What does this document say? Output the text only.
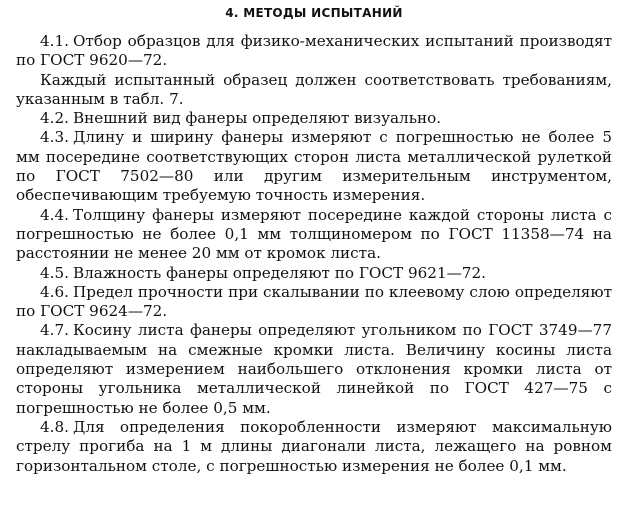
4. МЕТОДЫ ИСПЫТАНИЙ

4.1. Отбор образцов для физико-механических испытаний производят по ГОСТ 9620—72.

Каждый испытанный образец должен соответствовать требованиям, указанным в табл. 7.

4.2. Внешний вид фанеры определяют визуально.

4.3. Длину и ширину фанеры измеряют с погрешностью не более 5 мм посередине соответствующих сторон листа металлической рулеткой по ГОСТ 7502—80 или другим измерительным инструментом, обеспечивающим требуемую точность измерения.

4.4. Толщину фанеры измеряют посередине каждой стороны листа с погрешностью не более 0,1 мм толщиномером по ГОСТ 11358—74 на расстоянии не менее 20 мм от кромок листа.

4.5. Влажность фанеры определяют по ГОСТ 9621—72.

4.6. Предел прочности при скалывании по клеевому слою определяют по ГОСТ 9624—72.

4.7. Косину листа фанеры определяют угольником по ГОСТ 3749—77 накладываемым на смежные кромки листа. Величину косины листа определяют измерением наибольшего отклонения кромки листа от стороны угольника металлической линейкой по ГОСТ 427—75 с погрешностью не более 0,5 мм.

4.8. Для определения покоробленности измеряют максимальную стрелу прогиба на 1 м длины диагонали листа, лежащего на ровном горизонтальном столе, с погрешностью измерения не более 0,1 мм.
